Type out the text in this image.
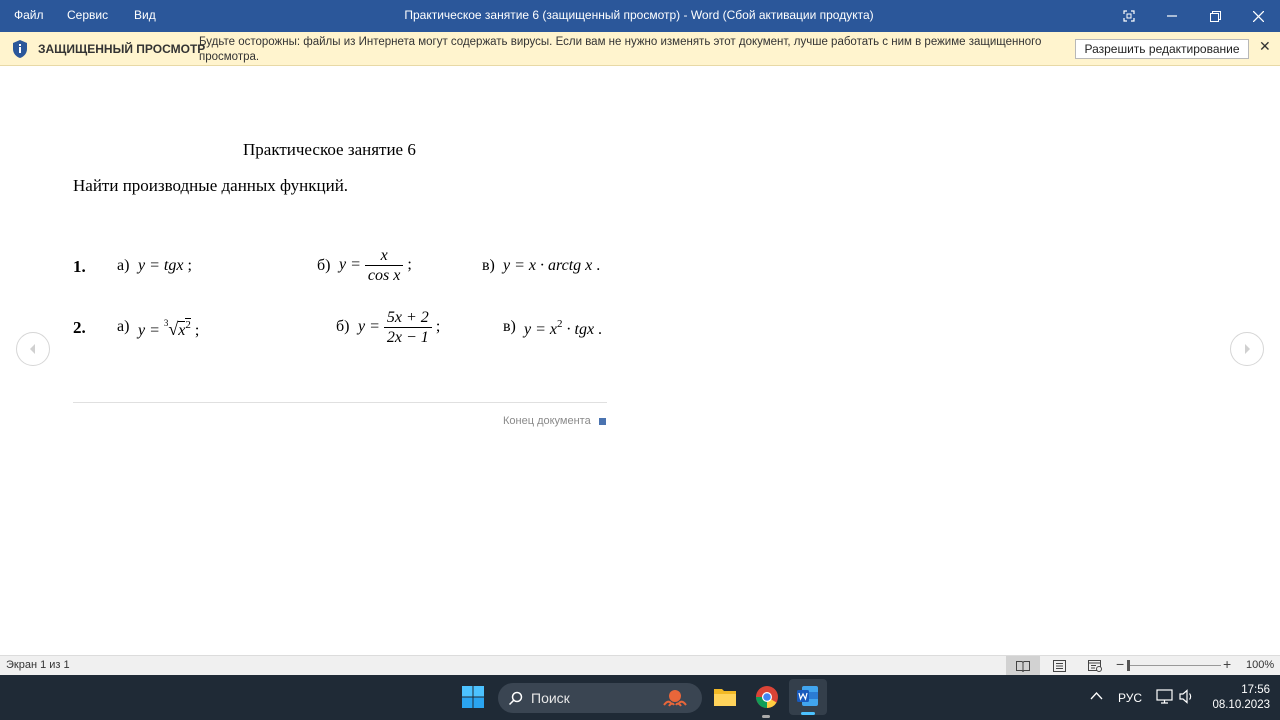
Файл Сервис Вид	Практическое занятие 6 (защищенный просмотр) - Word (Сбой активации продукта)
ЗАЩИЩЕННЫЙ ПРОСМОТР
Будьте осторожны: файлы из Интернета могут содержать вирусы. Если вам не нужно изменять этот документ, лучше работать с ним в режиме защищенного просмотра.
Разрешить редактирование	✕
Практическое занятие 6
Найти производные данных функций.
1. а) y = tgx ;	б) $y = \frac{x}{\text{cos x}}$ ;	в) y = x · arctg x .
2. а) $y = ^3√x^2$ ;	б) $y = \frac{5x + 2}{2x - 1}$ ;	в) $y = x^2$ · tgx .
Конец документа
Экран 1 из 1	−	+ 100%
Поиск	РУС
17:56
08.10.2023
